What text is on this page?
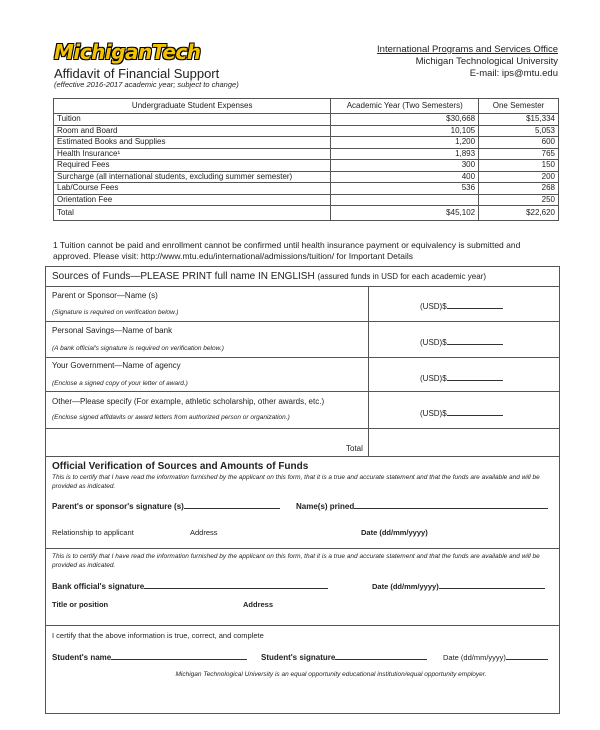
MichiganTech	International Programs and Services Office
Michigan Technological University
E-mail: ips@mtu.edu
Affidavit of Financial Support
(effective 2016-2017 academic year; subject to change)
Undergraduate Student Expenses	Academic Year (Two Semesters)	One Semester
Tuition	$30,668	$15,334
Room and Board	10,105	5,053
Estimated Books and Supplies	1,200	600
Health Insurance¹	1,893	765
Required Fees	300	150
Surcharge (all international students, excluding summer semester)	400	200
Lab/Course Fees	536	268
Orientation Fee		250
Total	$45,102	$22,620
1 Tuition cannot be paid and enrollment cannot be confirmed until health insurance payment or equivalency is submitted and approved. Please visit: http://www.mtu.edu/international/admissions/tuition/ for Important Details
Sources of Funds—PLEASE PRINT full name IN ENGLISH (assured funds in USD for each academic year)
Parent or Sponsor—Name (s)
(Signature is required on verification below.)
(USD)$
Personal Savings—Name of bank
(A bank official's signature is required on verification below.)
(USD)$
Your Government—Name of agency
(Enclose a signed copy of your letter of award.)
(USD)$
Other—Please specify (For example, athletic scholarship, other awards, etc.)
(Enclose signed affidavits or award letters from authorized person or organization.)	(USD)$
Total
Official Verification of Sources and Amounts of Funds
This is to certify that I have read the information furnished by the applicant on this form, that it is a true and accurate statement and that the funds are available and will be provided as indicated.
Parent's or sponsor's signature (s)	Name(s) prined
Relationship to applicant	Address	Date (dd/mm/yyyy)
This is to certify that I have read the information furnished by the applicant on this form, that it is a true and accurate statement and that the funds are available and will be provided as indicated.
Bank official's signature	Date (dd/mm/yyyy)
Title or position	Address
I certify that the above information is true, correct, and complete
Student's name	Student's signature	Date (dd/mm/yyyy)
Michigan Technological University is an equal opportunity educational institution/equal opportunity employer.
